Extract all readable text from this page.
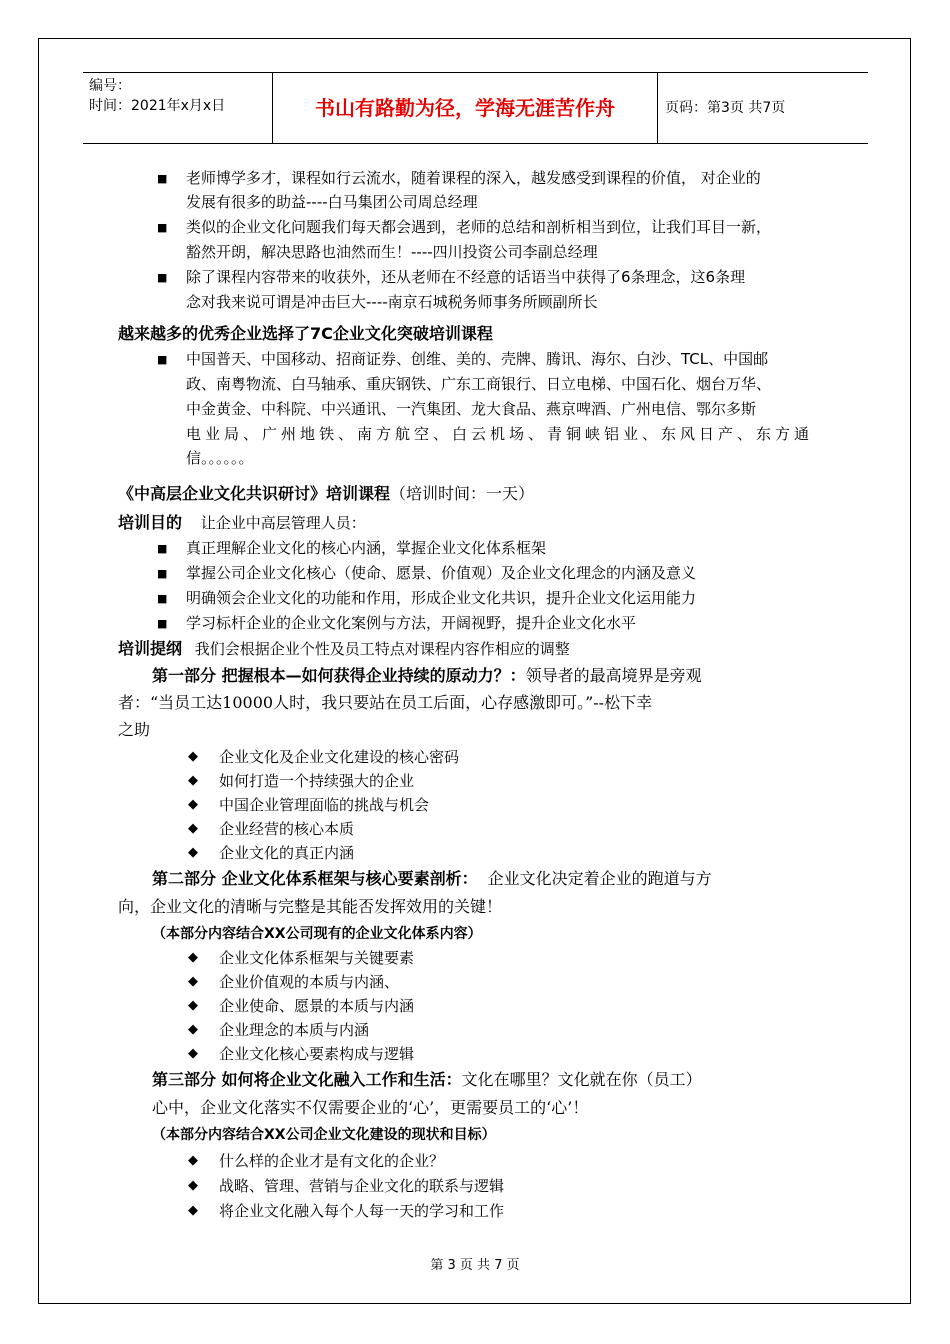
编号：
时间：2021年x月x日	书山有路勤为径，学海无涯苦作舟	页码：第3页 共7页
■ 老师博学多才，课程如行云流水，随着课程的深入，越发感受到课程的价值， 对企业的
发展有很多的助益----白马集团公司周总经理
■ 类似的企业文化问题我们每天都会遇到，老师的总结和剖析相当到位，让我们耳目一新，
豁然开朗，解决思路也油然而生！----四川投资公司李副总经理
■ 除了课程内容带来的收获外，还从老师在不经意的话语当中获得了6条理念，这6条理
念对我来说可谓是冲击巨大----南京石城税务师事务所顾副所长
越来越多的优秀企业选择了7C企业文化突破培训课程
■ 中国普天、中国移动、招商证券、创维、美的、壳牌、腾讯、海尔、白沙、TCL、中国邮
政、南粤物流、白马轴承、重庆钢铁、广东工商银行、日立电梯、中国石化、烟台万华、
中金黄金、中科院、中兴通讯、一汽集团、龙大食品、燕京啤酒、广州电信、鄂尔多斯
电业局、广州地铁、南方航空、白云机场、青铜峡铝业、东风日产、东方通
信。。。。。。
《中高层企业文化共识研讨》培训课程（培训时间：一天）
培训目的 让企业中高层管理人员：
■ 真正理解企业文化的核心内涵，掌握企业文化体系框架
■ 掌握公司企业文化核心（使命、愿景、价值观）及企业文化理念的内涵及意义
■ 明确领会企业文化的功能和作用，形成企业文化共识，提升企业文化运用能力
■ 学习标杆企业的企业文化案例与方法，开阔视野，提升企业文化水平
培训提纲 我们会根据企业个性及员工特点对课程内容作相应的调整
第一部分 把握根本—如何获得企业持续的原动力？：领导者的最高境界是旁观
者：“当员工达10000人时，我只要站在员工后面，心存感激即可。”--松下幸
之助
◆ 企业文化及企业文化建设的核心密码
◆ 如何打造一个持续强大的企业
◆ 中国企业管理面临的挑战与机会
◆ 企业经营的核心本质
◆ 企业文化的真正内涵
第二部分 企业文化体系框架与核心要素剖析： 企业文化决定着企业的跑道与方
向，企业文化的清晰与完整是其能否发挥效用的关键！
（本部分内容结合XX公司现有的企业文化体系内容）
◆ 企业文化体系框架与关键要素
◆ 企业价值观的本质与内涵、
◆ 企业使命、愿景的本质与内涵
◆ 企业理念的本质与内涵
◆ 企业文化核心要素构成与逻辑
第三部分 如何将企业文化融入工作和生活：文化在哪里？文化就在你（员工）
心中，企业文化落实不仅需要企业的‘心’，更需要员工的‘心’！
（本部分内容结合XX公司企业文化建设的现状和目标）
◆ 什么样的企业才是有文化的企业？
◆ 战略、管理、营销与企业文化的联系与逻辑
◆ 将企业文化融入每个人每一天的学习和工作
第 3 页 共 7 页
